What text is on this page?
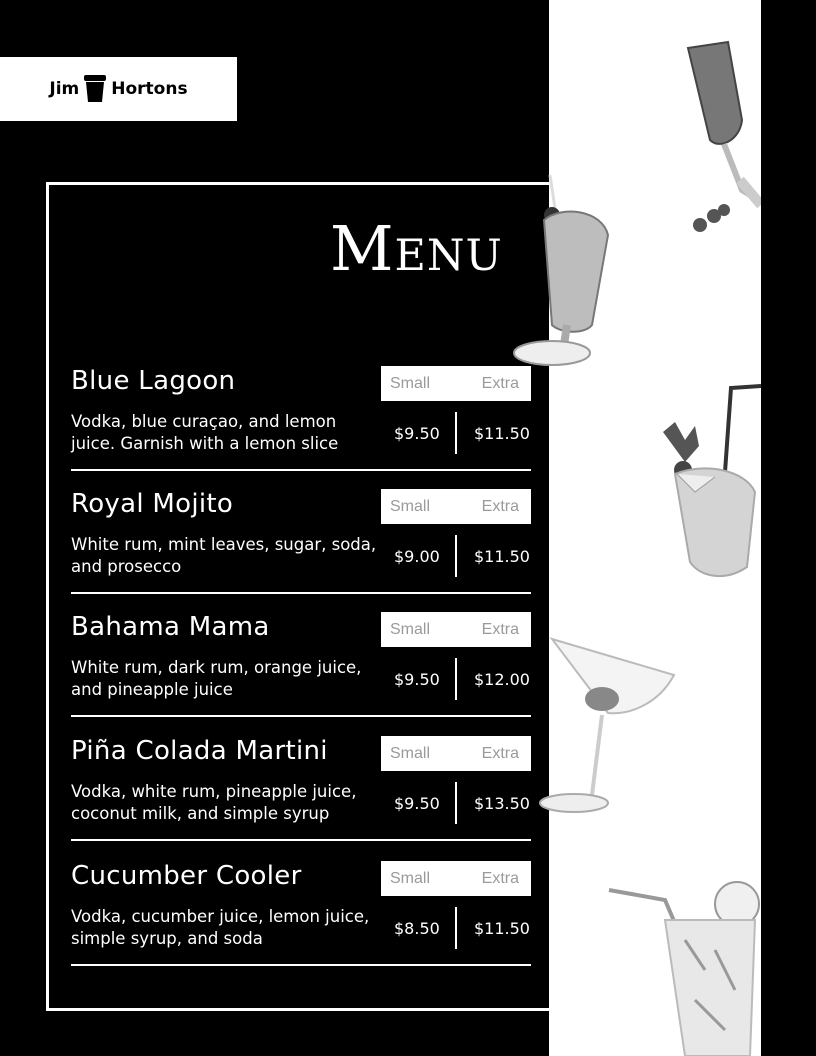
Jim Hortons
Menu
Blue Lagoon	Small	Extra
Vodka, blue curaçao, and lemon juice. Garnish with a lemon slice
$9.50 $11.50
Royal Mojito	Small	Extra
White rum, mint leaves, sugar, soda, and prosecco
$9.00 $11.50
Bahama Mama	Small	Extra
White rum, dark rum, orange juice, and pineapple juice
$9.50 $12.00
Piña Colada Martini	Small	Extra
Vodka, white rum, pineapple juice, coconut milk, and simple syrup
$9.50 $13.50
Cucumber Cooler	Small	Extra
Vodka, cucumber juice, lemon juice, simple syrup, and soda
$8.50 $11.50
